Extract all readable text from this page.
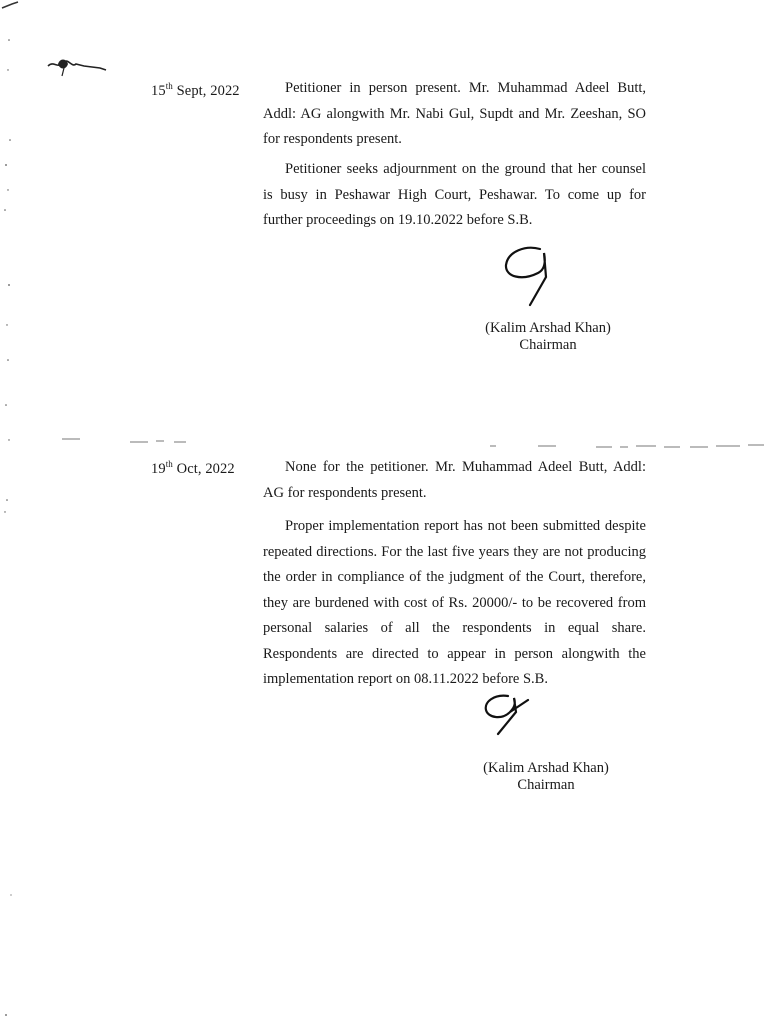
15th Sept, 2022	Petitioner in person present. Mr. Muhammad Adeel Butt, Addl: AG alongwith Mr. Nabi Gul, Supdt and Mr. Zeeshan, SO for respondents present.

Petitioner seeks adjournment on the ground that her counsel is busy in Peshawar High Court, Peshawar. To come up for further proceedings on 19.10.2022 before S.B.

(Kalim Arshad Khan)
Chairman
19th Oct, 2022	None for the petitioner. Mr. Muhammad Adeel Butt, Addl: AG for respondents present.

Proper implementation report has not been submitted despite repeated directions. For the last five years they are not producing the order in compliance of the judgment of the Court, therefore, they are burdened with cost of Rs. 20000/- to be recovered from personal salaries of all the respondents in equal share. Respondents are directed to appear in person alongwith the implementation report on 08.11.2022 before S.B.

(Kalim Arshad Khan)
Chairman
